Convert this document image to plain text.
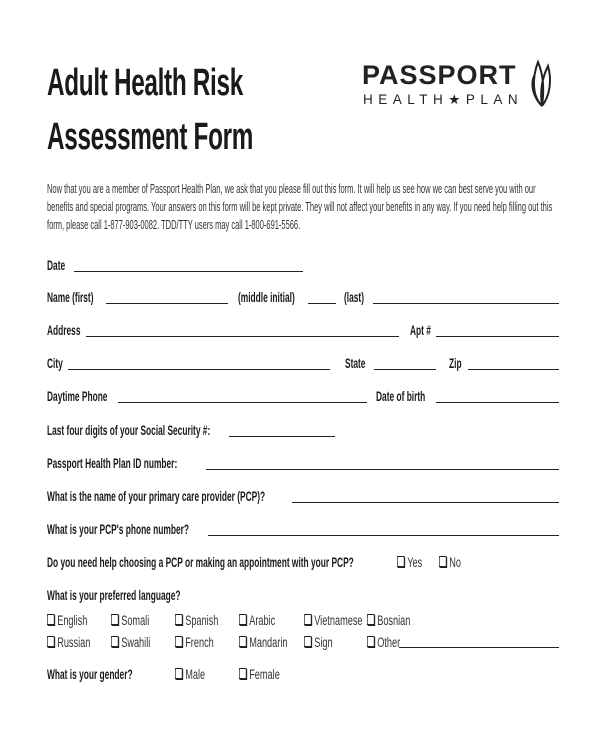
Adult Health Risk
Assessment Form
PASSPORT
HEALTH★PLAN
Now that you are a member of Passport Health Plan, we ask that you please fill out this form. It will help us see how we can best serve you with our benefits and special programs. Your answers on this form will be kept private. They will not affect your benefits in any way. If you need help filling out this form, please call 1-877-903-0082. TDD/TTY users may call 1-800-691-5566.
Date
Name (first)	(middle initial)	(last)
Address	Apt #
City	State	Zip
Daytime Phone	Date of birth
Last four digits of your Social Security #:
Passport Health Plan ID number:
What is the name of your primary care provider (PCP)?
What is your PCP's phone number?
Do you need help choosing a PCP or making an appointment with your PCP?	Yes	No
What is your preferred language?
English	Somali	Spanish	Arabic	Vietnamese	Bosnian
Russian	Swahili	French	Mandarin	Sign	Other
What is your gender?	Male	Female
